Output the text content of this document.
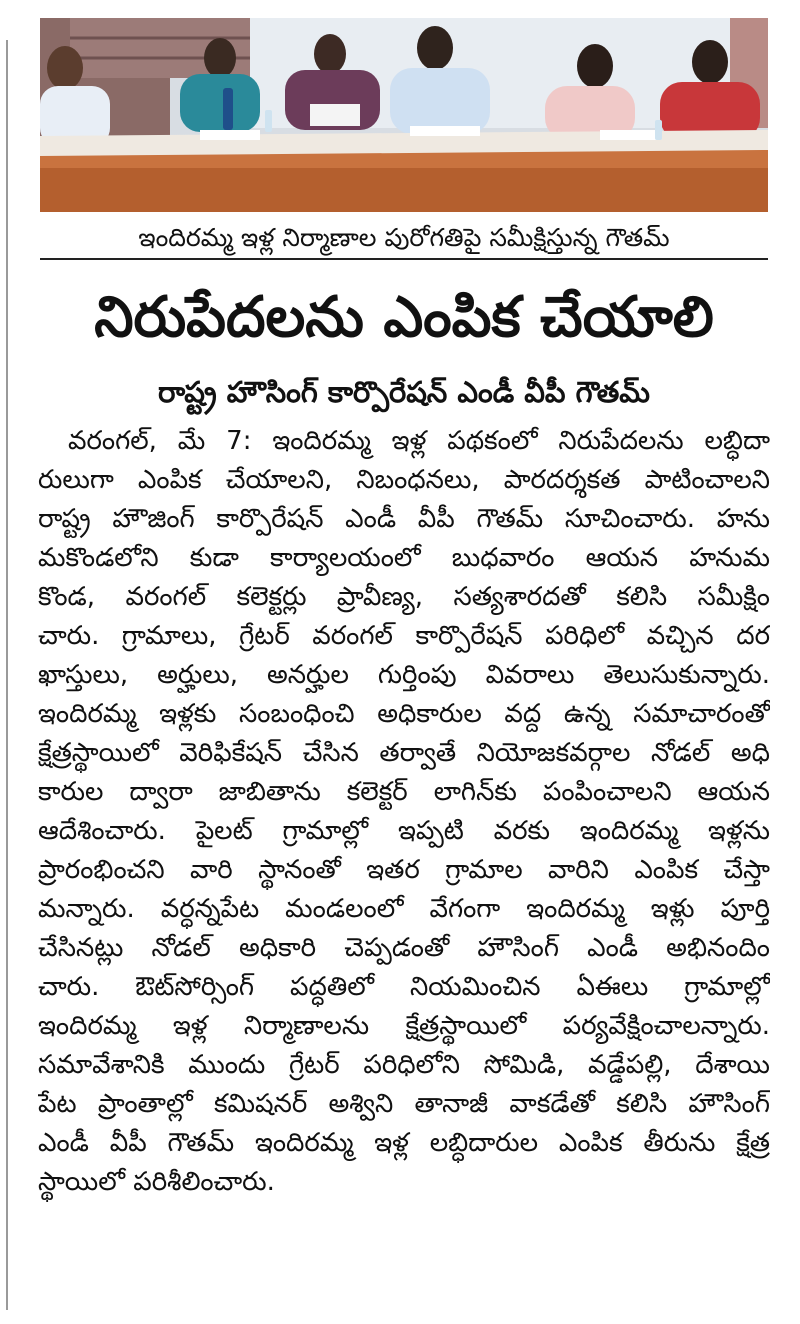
ఇందిరమ్మ ఇళ్ల నిర్మాణాల పురోగతిపై సమీక్షిస్తున్న గౌతమ్
నిరుపేదలను ఎంపిక చేయాలి
రాష్ట్ర హౌసింగ్ కార్పొరేషన్ ఎండీ వీపీ గౌతమ్
వరంగల్, మే 7: ఇందిరమ్మ ఇళ్ల పథకంలో నిరుపేదలను లబ్ధిదా
రులుగా ఎంపిక చేయాలని, నిబంధనలు, పారదర్శకత పాటించాలని
రాష్ట్ర హౌజింగ్ కార్పొరేషన్ ఎండీ వీపీ గౌతమ్ సూచించారు. హను
మకొండలోని కుడా కార్యాలయంలో బుధవారం ఆయన హనుమ
కొండ, వరంగల్ కలెక్టర్లు ప్రావీణ్య, సత్యశారదతో కలిసి సమీక్షిం
చారు. గ్రామాలు, గ్రేటర్ వరంగల్ కార్పొరేషన్ పరిధిలో వచ్చిన దర
ఖాస్తులు, అర్హులు, అనర్హుల గుర్తింపు వివరాలు తెలుసుకున్నారు.
ఇందిరమ్మ ఇళ్లకు సంబంధించి అధికారుల వద్ద ఉన్న సమాచారంతో
క్షేత్రస్థాయిలో వెరిఫికేషన్ చేసిన తర్వాతే నియోజకవర్గాల నోడల్ అధి
కారుల ద్వారా జాబితాను కలెక్టర్ లాగిన్‌కు పంపించాలని ఆయన
ఆదేశించారు. పైలట్ గ్రామాల్లో ఇప్పటి వరకు ఇందిరమ్మ ఇళ్లను
ప్రారంభించని వారి స్థానంతో ఇతర గ్రామాల వారిని ఎంపిక చేస్తా
మన్నారు. వర్ధన్నపేట మండలంలో వేగంగా ఇందిరమ్మ ఇళ్లు పూర్తి
చేసినట్లు నోడల్ అధికారి చెప్పడంతో హౌసింగ్ ఎండీ అభినందిం
చారు. ఔట్‌సోర్సింగ్ పద్ధతిలో నియమించిన ఏఈలు గ్రామాల్లో
ఇందిరమ్మ ఇళ్ల నిర్మాణాలను క్షేత్రస్థాయిలో పర్యవేక్షించాలన్నారు.
సమావేశానికి ముందు గ్రేటర్ పరిధిలోని సోమిడి, వడ్డేపల్లి, దేశాయి
పేట ప్రాంతాల్లో కమిషనర్ అశ్విని తానాజీ వాకడేతో కలిసి హౌసింగ్
ఎండీ వీపీ గౌతమ్ ఇందిరమ్మ ఇళ్ల లబ్ధిదారుల ఎంపిక తీరును క్షేత్ర
స్థాయిలో పరిశీలించారు.
